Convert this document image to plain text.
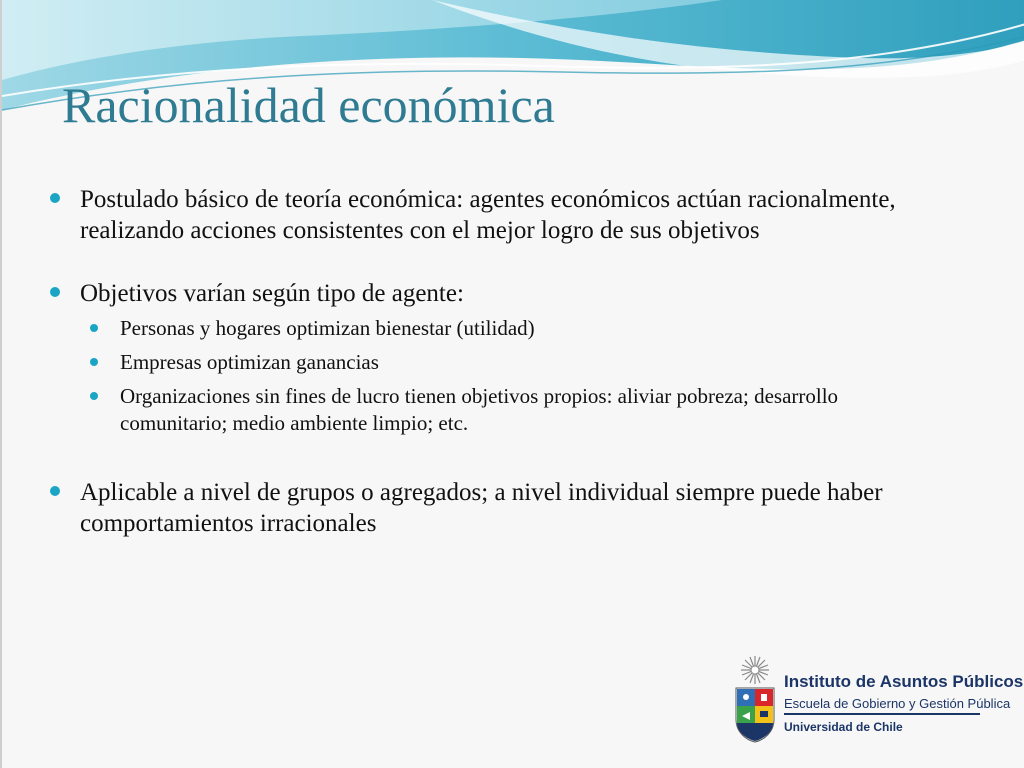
Racionalidad económica
Postulado básico de teoría económica: agentes económicos actúan racionalmente, realizando acciones consistentes con el mejor logro de sus objetivos
Objetivos varían según tipo de agente:
Personas y hogares optimizan bienestar (utilidad)
Empresas optimizan ganancias
Organizaciones sin fines de lucro tienen objetivos propios: aliviar pobreza; desarrollo comunitario; medio ambiente limpio; etc.
Aplicable a nivel de grupos o agregados; a nivel individual siempre puede haber comportamientos irracionales
Instituto de Asuntos Públicos
Escuela de Gobierno y Gestión Pública
Universidad de Chile
